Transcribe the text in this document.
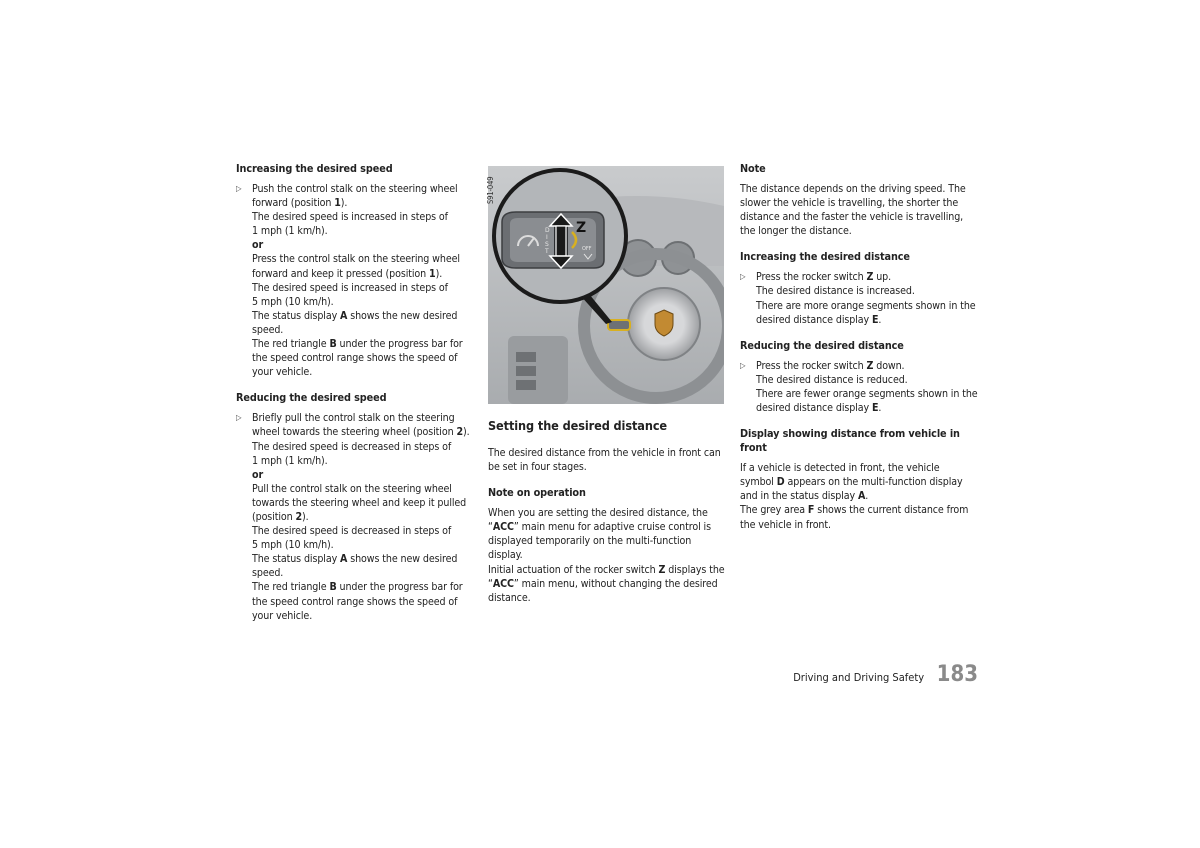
Increasing the desired speed
▷ Push the control stalk on the steering wheel
forward (position 1).
The desired speed is increased in steps of
1 mph (1 km/h).
or
Press the control stalk on the steering wheel
forward and keep it pressed (position 1).
The desired speed is increased in steps of
5 mph (10 km/h).
The status display A shows the new desired
speed.
The red triangle B under the progress bar for
the speed control range shows the speed of
your vehicle.
Reducing the desired speed
▷ Briefly pull the control stalk on the steering
wheel towards the steering wheel (position 2).
The desired speed is decreased in steps of
1 mph (1 km/h).
or
Pull the control stalk on the steering wheel
towards the steering wheel and keep it pulled
(position 2).
The desired speed is decreased in steps of
5 mph (10 km/h).
The status display A shows the new desired
speed.
The red triangle B under the progress bar for
the speed control range shows the speed of
your vehicle.
S91-049
D
I
S
T
Z
OFF
Setting the desired distance

The desired distance from the vehicle in front can
be set in four stages.

Note on operation

When you are setting the desired distance, the
“ACC” main menu for adaptive cruise control is
displayed temporarily on the multi-function
display.
Initial actuation of the rocker switch Z displays the
“ACC” main menu, without changing the desired
distance.

Note

The distance depends on the driving speed. The
slower the vehicle is travelling, the shorter the
distance and the faster the vehicle is travelling,
the longer the distance.

Increasing the desired distance
▷ Press the rocker switch Z up.
The desired distance is increased.
There are more orange segments shown in the
desired distance display E.
Reducing the desired distance
▷ Press the rocker switch Z down.
The desired distance is reduced.
There are fewer orange segments shown in the
desired distance display E.
Display showing distance from vehicle in
front

If a vehicle is detected in front, the vehicle
symbol D appears on the multi-function display
and in the status display A.
The grey area F shows the current distance from
the vehicle in front.

Driving and Driving Safety 183
